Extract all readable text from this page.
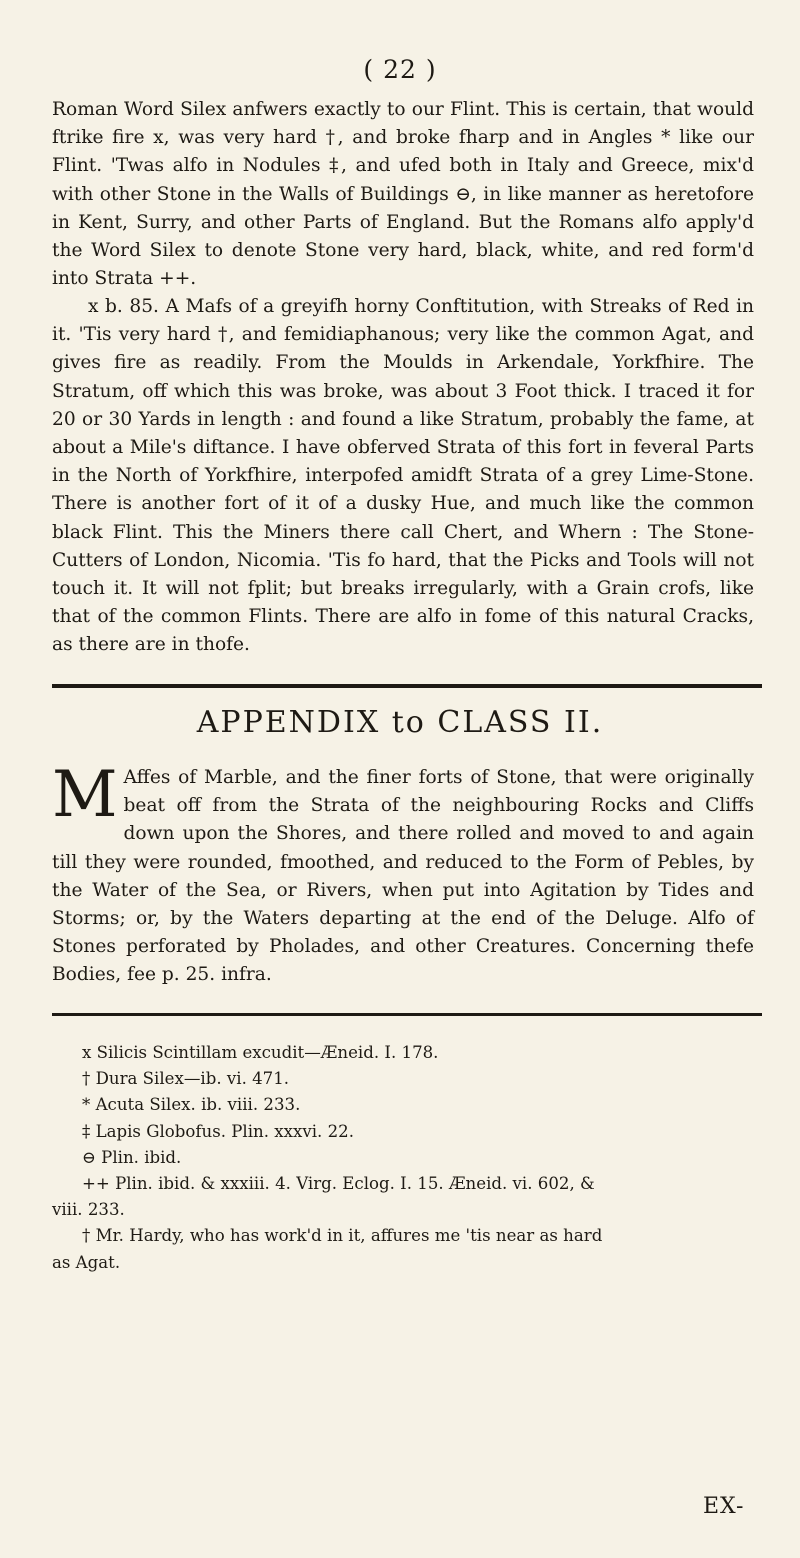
( 22 )
Roman Word Silex anfwers exactly to our Flint. This is certain, that would ftrike fire x, was very hard †, and broke fharp and in Angles * like our Flint. 'Twas alfo in Nodules ‡, and ufed both in Italy and Greece, mix'd with other Stone in the Walls of Buildings ⊖, in like manner as heretofore in Kent, Surry, and other Parts of England. But the Romans alfo apply'd the Word Silex to denote Stone very hard, black, white, and red form'd into Strata ++.
x b. 85. A Mafs of a greyifh horny Conftitution, with Streaks of Red in it. 'Tis very hard †, and femidiaphanous; very like the common Agat, and gives fire as readily. From the Moulds in Arkendale, Yorkfhire. The Stratum, off which this was broke, was about 3 Foot thick. I traced it for 20 or 30 Yards in length : and found a like Stratum, probably the fame, at about a Mile's diftance. I have obferved Strata of this fort in feveral Parts in the North of Yorkfhire, interpofed amidft Strata of a grey Lime-Stone. There is another fort of it of a dusky Hue, and much like the common black Flint. This the Miners there call Chert, and Whern : The Stone-Cutters of London, Nicomia. 'Tis fo hard, that the Picks and Tools will not touch it. It will not fplit; but breaks irregularly, with a Grain crofs, like that of the common Flints. There are alfo in fome of this natural Cracks, as there are in thofe.
APPENDIX to CLASS II.
M Affes of Marble, and the finer forts of Stone, that were originally beat off from the Strata of the neighbouring Rocks and Cliffs down upon the Shores, and there rolled and moved to and again till they were rounded, fmoothed, and reduced to the Form of Pebles, by the Water of the Sea, or Rivers, when put into Agitation by Tides and Storms; or, by the Waters departing at the end of the Deluge. Alfo of Stones perforated by Pholades, and other Creatures. Concerning thefe Bodies, fee p. 25. infra.
x Silicis Scintillam excudit—Æneid. I. 178.
† Dura Silex—ib. vi. 471.
* Acuta Silex. ib. viii. 233.
‡ Lapis Globofus. Plin. xxxvi. 22.
⊖ Plin. ibid.
++ Plin. ibid. & xxxiii. 4. Virg. Eclog. I. 15. Æneid. vi. 602, &
viii. 233.
† Mr. Hardy, who has work'd in it, affures me 'tis near as hard
as Agat.
EX-
